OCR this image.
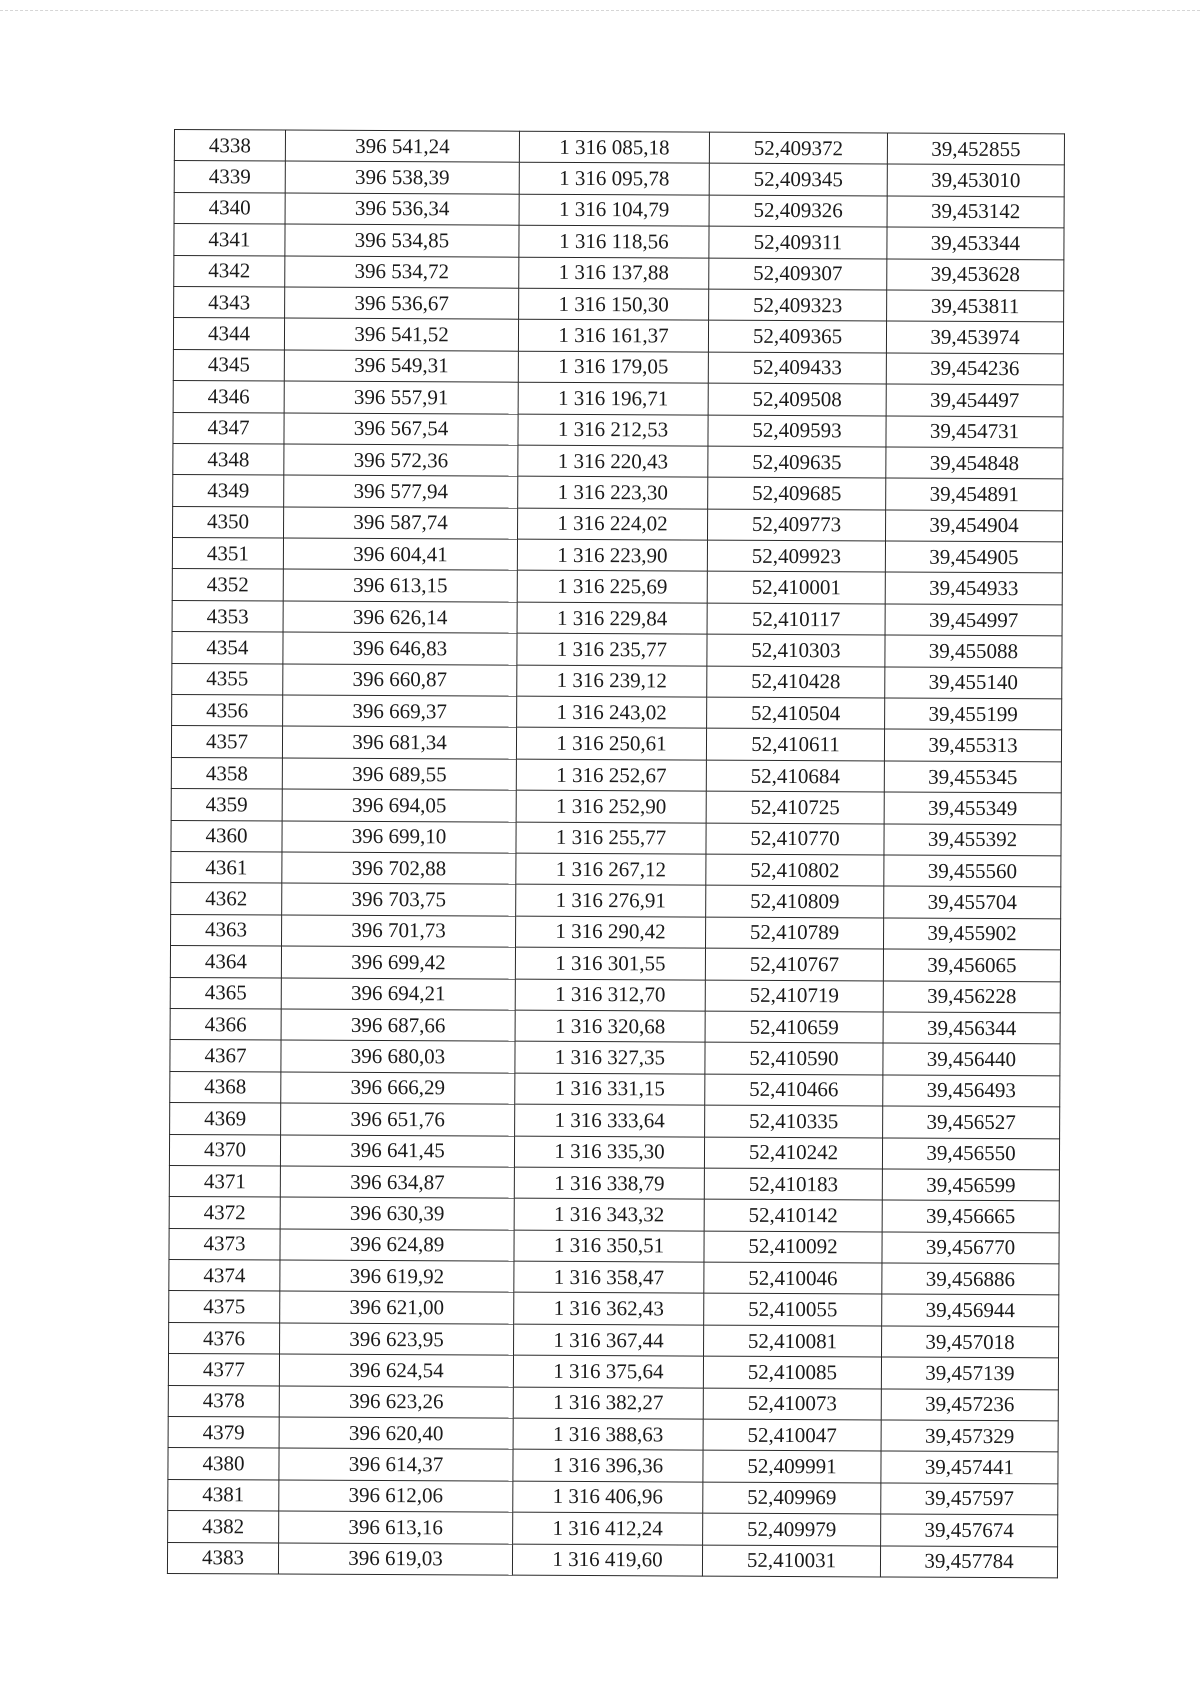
4338	396 541,24	1 316 085,18	52,409372	39,452855
4339	396 538,39	1 316 095,78	52,409345	39,453010
4340	396 536,34	1 316 104,79	52,409326	39,453142
4341	396 534,85	1 316 118,56	52,409311	39,453344
4342	396 534,72	1 316 137,88	52,409307	39,453628
4343	396 536,67	1 316 150,30	52,409323	39,453811
4344	396 541,52	1 316 161,37	52,409365	39,453974
4345	396 549,31	1 316 179,05	52,409433	39,454236
4346	396 557,91	1 316 196,71	52,409508	39,454497
4347	396 567,54	1 316 212,53	52,409593	39,454731
4348	396 572,36	1 316 220,43	52,409635	39,454848
4349	396 577,94	1 316 223,30	52,409685	39,454891
4350	396 587,74	1 316 224,02	52,409773	39,454904
4351	396 604,41	1 316 223,90	52,409923	39,454905
4352	396 613,15	1 316 225,69	52,410001	39,454933
4353	396 626,14	1 316 229,84	52,410117	39,454997
4354	396 646,83	1 316 235,77	52,410303	39,455088
4355	396 660,87	1 316 239,12	52,410428	39,455140
4356	396 669,37	1 316 243,02	52,410504	39,455199
4357	396 681,34	1 316 250,61	52,410611	39,455313
4358	396 689,55	1 316 252,67	52,410684	39,455345
4359	396 694,05	1 316 252,90	52,410725	39,455349
4360	396 699,10	1 316 255,77	52,410770	39,455392
4361	396 702,88	1 316 267,12	52,410802	39,455560
4362	396 703,75	1 316 276,91	52,410809	39,455704
4363	396 701,73	1 316 290,42	52,410789	39,455902
4364	396 699,42	1 316 301,55	52,410767	39,456065
4365	396 694,21	1 316 312,70	52,410719	39,456228
4366	396 687,66	1 316 320,68	52,410659	39,456344
4367	396 680,03	1 316 327,35	52,410590	39,456440
4368	396 666,29	1 316 331,15	52,410466	39,456493
4369	396 651,76	1 316 333,64	52,410335	39,456527
4370	396 641,45	1 316 335,30	52,410242	39,456550
4371	396 634,87	1 316 338,79	52,410183	39,456599
4372	396 630,39	1 316 343,32	52,410142	39,456665
4373	396 624,89	1 316 350,51	52,410092	39,456770
4374	396 619,92	1 316 358,47	52,410046	39,456886
4375	396 621,00	1 316 362,43	52,410055	39,456944
4376	396 623,95	1 316 367,44	52,410081	39,457018
4377	396 624,54	1 316 375,64	52,410085	39,457139
4378	396 623,26	1 316 382,27	52,410073	39,457236
4379	396 620,40	1 316 388,63	52,410047	39,457329
4380	396 614,37	1 316 396,36	52,409991	39,457441
4381	396 612,06	1 316 406,96	52,409969	39,457597
4382	396 613,16	1 316 412,24	52,409979	39,457674
4383	396 619,03	1 316 419,60	52,410031	39,457784
